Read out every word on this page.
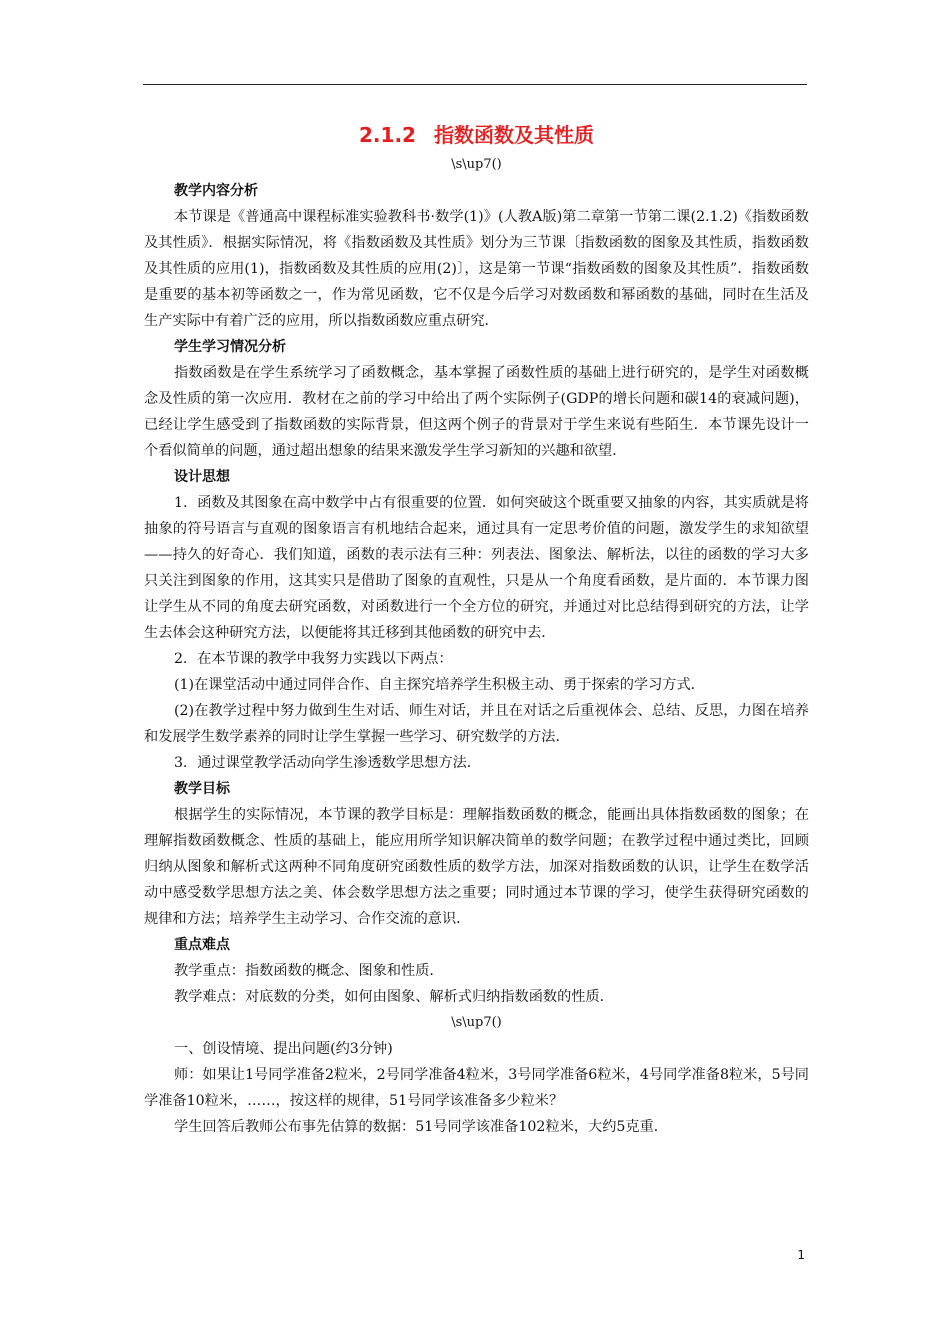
2.1.2 指数函数及其性质

\s\up7()

教学内容分析

本节课是《普通高中课程标准实验教科书·数学(1)》(人教A版)第二章第一节第二课(2.1.2)《指数函数及其性质》．根据实际情况，将《指数函数及其性质》划分为三节课〔指数函数的图象及其性质，指数函数及其性质的应用(1)，指数函数及其性质的应用(2)〕，这是第一节课“指数函数的图象及其性质”．指数函数是重要的基本初等函数之一，作为常见函数，它不仅是今后学习对数函数和幂函数的基础，同时在生活及生产实际中有着广泛的应用，所以指数函数应重点研究．

学生学习情况分析

指数函数是在学生系统学习了函数概念，基本掌握了函数性质的基础上进行研究的，是学生对函数概念及性质的第一次应用．教材在之前的学习中给出了两个实际例子(GDP的增长问题和碳14的衰减问题)，已经让学生感受到了指数函数的实际背景，但这两个例子的背景对于学生来说有些陌生．本节课先设计一个看似简单的问题，通过超出想象的结果来激发学生学习新知的兴趣和欲望．

设计思想

1．函数及其图象在高中数学中占有很重要的位置．如何突破这个既重要又抽象的内容，其实质就是将抽象的符号语言与直观的图象语言有机地结合起来，通过具有一定思考价值的问题，激发学生的求知欲望——持久的好奇心．我们知道，函数的表示法有三种：列表法、图象法、解析法，以往的函数的学习大多只关注到图象的作用，这其实只是借助了图象的直观性，只是从一个角度看函数，是片面的．本节课力图让学生从不同的角度去研究函数，对函数进行一个全方位的研究，并通过对比总结得到研究的方法，让学生去体会这种研究方法，以便能将其迁移到其他函数的研究中去．

2．在本节课的教学中我努力实践以下两点：

(1)在课堂活动中通过同伴合作、自主探究培养学生积极主动、勇于探索的学习方式．

(2)在教学过程中努力做到生生对话、师生对话，并且在对话之后重视体会、总结、反思，力图在培养和发展学生数学素养的同时让学生掌握一些学习、研究数学的方法．

3．通过课堂教学活动向学生渗透数学思想方法．

教学目标

根据学生的实际情况，本节课的教学目标是：理解指数函数的概念，能画出具体指数函数的图象；在理解指数函数概念、性质的基础上，能应用所学知识解决简单的数学问题；在教学过程中通过类比，回顾归纳从图象和解析式这两种不同角度研究函数性质的数学方法，加深对指数函数的认识，让学生在数学活动中感受数学思想方法之美、体会数学思想方法之重要；同时通过本节课的学习，使学生获得研究函数的规律和方法；培养学生主动学习、合作交流的意识．

重点难点

教学重点：指数函数的概念、图象和性质．

教学难点：对底数的分类，如何由图象、解析式归纳指数函数的性质．

\s\up7()

一、创设情境、提出问题(约3分钟)

师：如果让1号同学准备2粒米，2号同学准备4粒米，3号同学准备6粒米，4号同学准备8粒米，5号同学准备10粒米，……，按这样的规律，51号同学该准备多少粒米？

学生回答后教师公布事先估算的数据：51号同学该准备102粒米，大约5克重．

1
